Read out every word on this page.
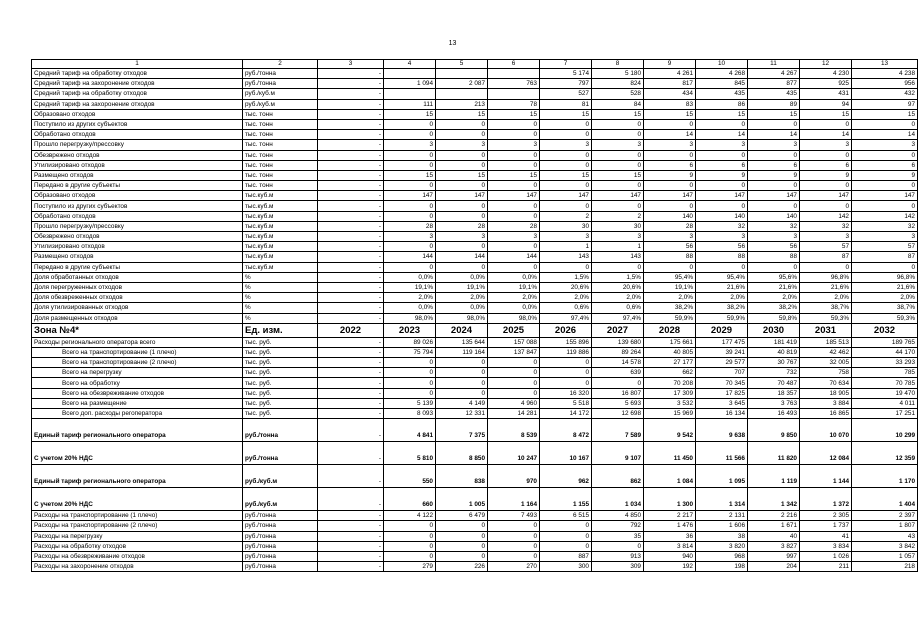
13
1	2	3	4	5	6	7	8	9	10	11	12	13
Средний тариф на обработку отходов	руб./тонна	-				5 174	5 180	4 261	4 268	4 267	4 230	4 238
Средний тариф на захоронение отходов	руб./тонна	-	1 094	2 087	763	797	824	817	845	877	925	956
Средний тариф на обработку отходов	руб./куб.м	-				527	528	434	435	435	431	432
Средний тариф на захоронение отходов	руб./куб.м	-	111	213	78	81	84	83	86	89	94	97
Образовано отходов	тыс. тонн	-	15	15	15	15	15	15	15	15	15	15
Поступило из других субъектов	тыс. тонн	-	0	0	0	0	0	0	0	0	0	0
Обработано отходов	тыс. тонн	-	0	0	0	0	0	14	14	14	14	14
Прошло перегрузку/прессовку	тыс. тонн	-	3	3	3	3	3	3	3	3	3	3
Обезврежено отходов	тыс. тонн	-	0	0	0	0	0	0	0	0	0	0
Утилизировано отходов	тыс. тонн	-	0	0	0	0	0	6	6	6	6	6
Размещено отходов	тыс. тонн	-	15	15	15	15	15	9	9	9	9	9
Передано в другие субъекты	тыс. тонн	-	0	0	0	0	0	0	0	0	0	0
Образовано отходов	тыс.куб.м	-	147	147	147	147	147	147	147	147	147	147
Поступило из других субъектов	тыс.куб.м	-	0	0	0	0	0	0	0	0	0	0
Обработано отходов	тыс.куб.м	-	0	0	0	2	2	140	140	140	142	142
Прошло перегрузку/прессовку	тыс.куб.м	-	28	28	28	30	30	28	32	32	32	32
Обезврежено отходов	тыс.куб.м	-	3	3	3	3	3	3	3	3	3	3
Утилизировано отходов	тыс.куб.м	-	0	0	0	1	1	56	56	56	57	57
Размещено отходов	тыс.куб.м	-	144	144	144	143	143	88	88	88	87	87
Передано в другие субъекты	тыс.куб.м	-	0	0	0	0	0	0	0	0	0	0
Доля обработанных отходов	%	-	0,0%	0,0%	0,0%	1,5%	1,5%	95,4%	95,4%	95,6%	96,8%	96,8%
Доля перегруженных отходов	%	-	19,1%	19,1%	19,1%	20,6%	20,6%	19,1%	21,6%	21,6%	21,6%	21,6%
Доля обезвреженных отходов	%	-	2,0%	2,0%	2,0%	2,0%	2,0%	2,0%	2,0%	2,0%	2,0%	2,0%
Доля утилизированных отходов	%	-	0,0%	0,0%	0,0%	0,6%	0,6%	38,2%	38,2%	38,2%	38,7%	38,7%
Доля размещенных отходов	%	-	98,0%	98,0%	98,0%	97,4%	97,4%	59,9%	59,9%	59,8%	59,3%	59,3%
Зона №4*	Ед. изм.	2022	2023	2024	2025	2026	2027	2028	2029	2030	2031	2032
Расходы регионального оператора всего	тыс. руб.	-	89 026	135 644	157 088	155 896	139 680	175 661	177 475	181 419	185 513	189 765
Всего на транспортирование (1 плечо)	тыс. руб.	-	75 794	119 164	137 847	119 886	89 264	40 805	39 241	40 819	42 462	44 170
Всего на транспортирование (2 плечо)	тыс. руб.	-	0	0	0	0	14 578	27 177	29 577	30 767	32 005	33 293
Всего на перегрузку	тыс. руб.	-	0	0	0	0	639	662	707	732	758	785
Всего на обработку	тыс. руб.	-	0	0	0	0	0	70 208	70 345	70 487	70 634	70 785
Всего на обезвреживание отходов	тыс. руб.	-	0	0	0	16 320	16 807	17 309	17 825	18 357	18 905	19 470
Всего на размещение	тыс. руб.	-	5 139	4 149	4 960	5 518	5 693	3 532	3 645	3 763	3 884	4 011
Всего доп. расходы регоператора	тыс. руб.	-	8 093	12 331	14 281	14 172	12 698	15 969	16 134	16 493	16 865	17 251
Единый тариф регионального оператора	руб./тонна	-	4 841	7 375	8 539	8 472	7 589	9 542	9 638	9 850	10 070	10 299
С учетом 20% НДС	руб./тонна	-	5 810	8 850	10 247	10 167	9 107	11 450	11 566	11 820	12 084	12 359
Единый тариф регионального оператора	руб./куб.м	-	550	838	970	962	862	1 084	1 095	1 119	1 144	1 170
С учетом 20% НДС	руб./куб.м	-	660	1 005	1 164	1 155	1 034	1 300	1 314	1 342	1 372	1 404
Расходы на транспортирование (1 плечо)	руб./тонна	-	4 122	6 479	7 493	6 515	4 850	2 217	2 131	2 216	2 305	2 397
Расходы на транспортирование (2 плечо)	руб./тонна	-	0	0	0	0	792	1 476	1 606	1 671	1 737	1 807
Расходы на перегрузку	руб./тонна	-	0	0	0	0	35	36	38	40	41	43
Расходы на обработку отходов	руб./тонна	-	0	0	0	0	0	3 814	3 820	3 827	3 834	3 842
Расходы на обезвреживание отходов	руб./тонна	-	0	0	0	887	913	940	968	997	1 026	1 057
Расходы на захоронение отходов	руб./тонна	-	279	226	270	300	309	192	198	204	211	218
